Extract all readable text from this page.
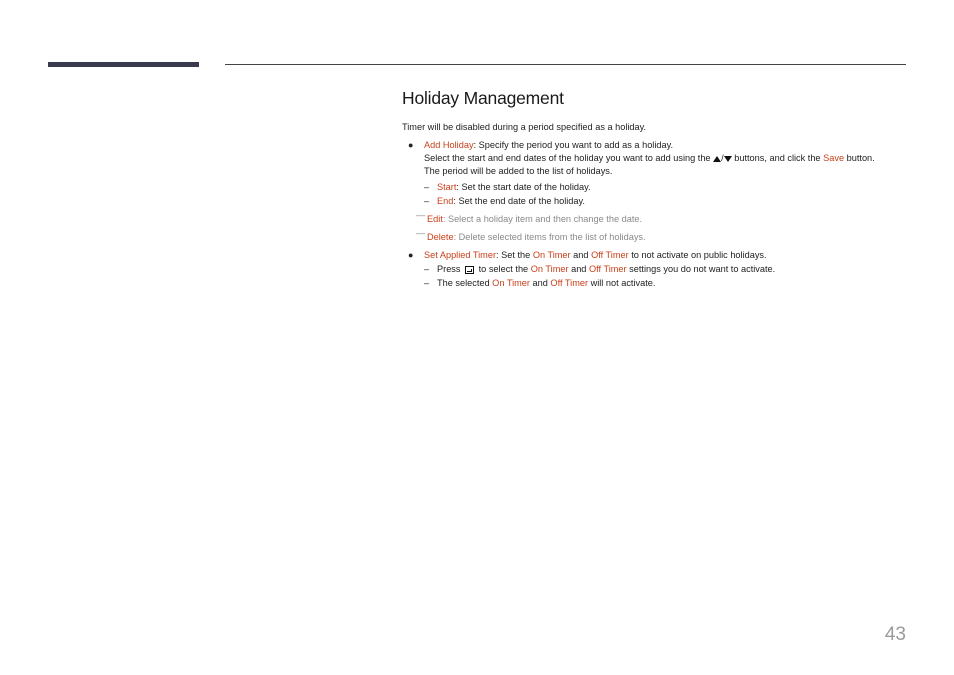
Holiday Management

Timer will be disabled during a period specified as a holiday.

● Add Holiday: Specify the period you want to add as a holiday.

Select the start and end dates of the holiday you want to add using the / buttons, and click the Save button.

The period will be added to the list of holidays.

– Start: Set the start date of the holiday.
– End: Set the end date of the holiday.
— Edit: Select a holiday item and then change the date.
— Delete: Delete selected items from the list of holidays.
● Set Applied Timer: Set the On Timer and Off Timer to not activate on public holidays.

– Press to select the On Timer and Off Timer settings you do not want to activate.
– The selected On Timer and Off Timer will not activate.
43
